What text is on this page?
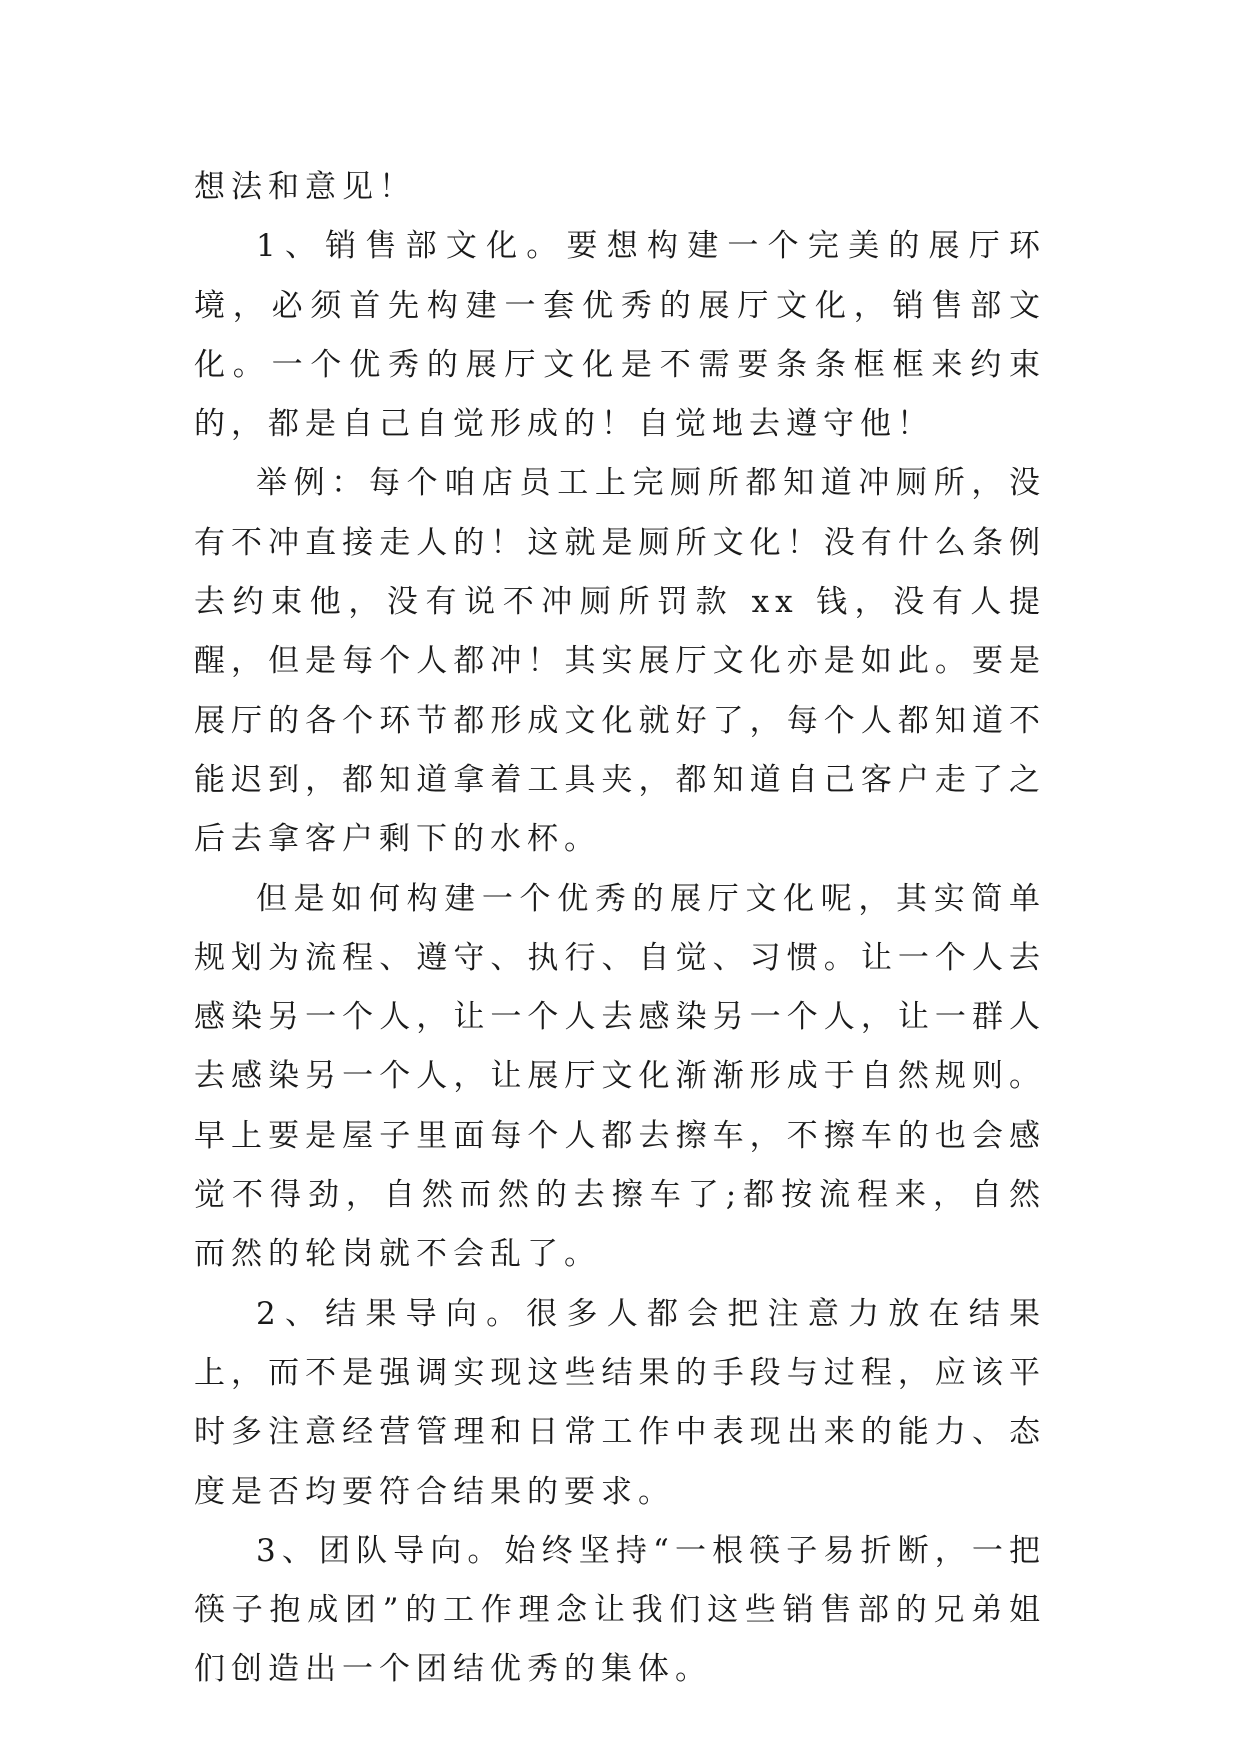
想法和意见！

1、销售部文化。要想构建一个完美的展厅环境，必须首先构建一套优秀的展厅文化，销售部文化。一个优秀的展厅文化是不需要条条框框来约束的，都是自己自觉形成的！自觉地去遵守他！

举例：每个咱店员工上完厕所都知道冲厕所，没有不冲直接走人的！这就是厕所文化！没有什么条例去约束他，没有说不冲厕所罚款 xx 钱，没有人提醒，但是每个人都冲！其实展厅文化亦是如此。要是展厅的各个环节都形成文化就好了，每个人都知道不能迟到，都知道拿着工具夹，都知道自己客户走了之后去拿客户剩下的水杯。

但是如何构建一个优秀的展厅文化呢，其实简单规划为流程、遵守、执行、自觉、习惯。让一个人去感染另一个人，让一个人去感染另一个人，让一群人去感染另一个人，让展厅文化渐渐形成于自然规则。早上要是屋子里面每个人都去擦车，不擦车的也会感觉不得劲，自然而然的去擦车了;都按流程来，自然而然的轮岗就不会乱了。

2、结果导向。很多人都会把注意力放在结果上，而不是强调实现这些结果的手段与过程，应该平时多注意经营管理和日常工作中表现出来的能力、态度是否均要符合结果的要求。

3、团队导向。始终坚持“一根筷子易折断，一把筷子抱成团”的工作理念让我们这些销售部的兄弟姐们创造出一个团结优秀的集体。
